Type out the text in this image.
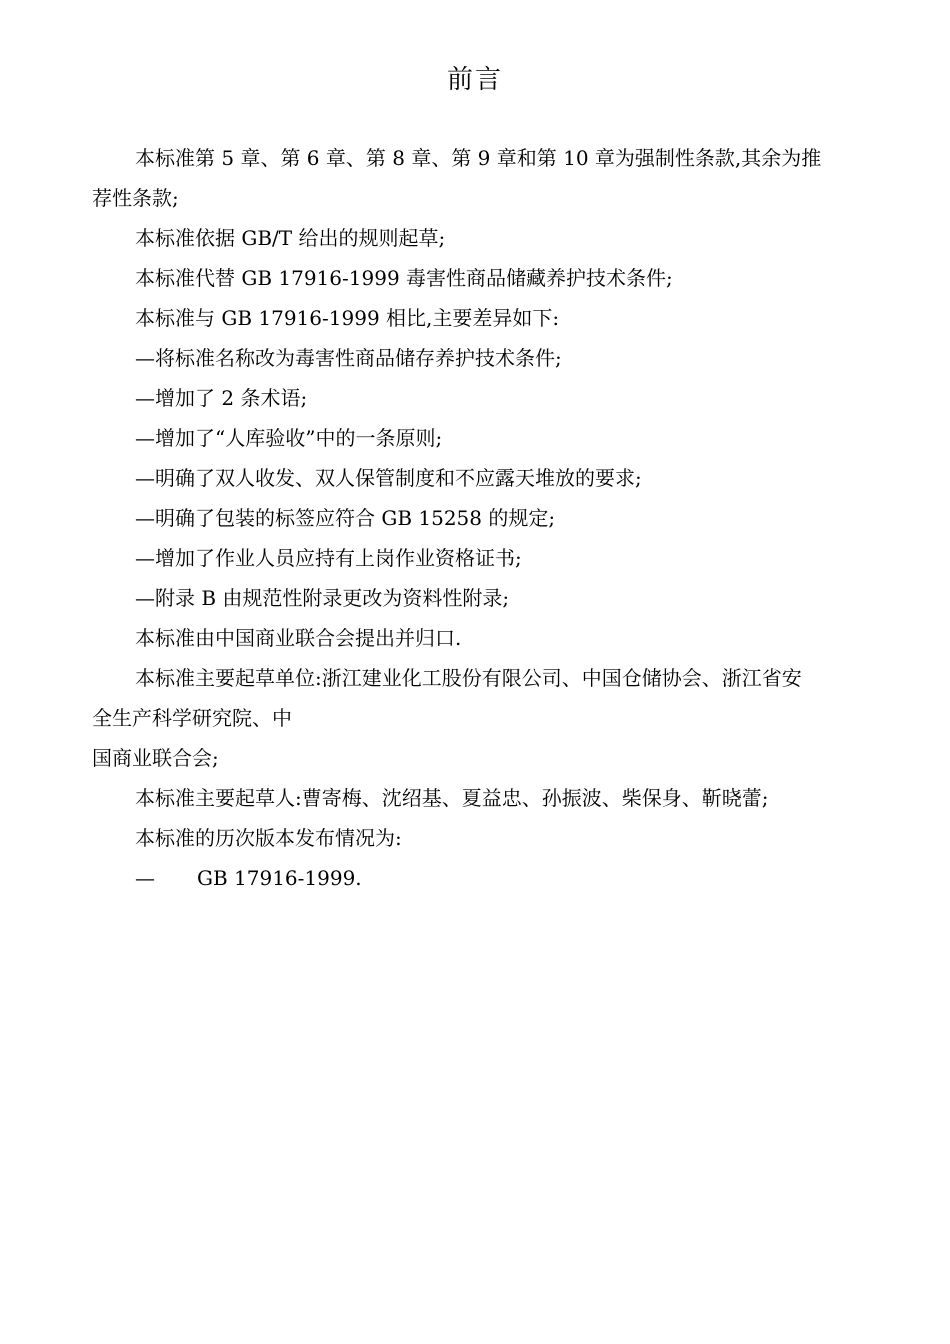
前言
本标准第 5 章、第 6 章、第 8 章、第 9 章和第 10 章为强制性条款,其余为推
荐性条款;
本标准依据 GB/T 给出的规则起草;
本标准代替 GB 17916-1999 毒害性商品储藏养护技术条件;
本标准与 GB 17916-1999 相比,主要差异如下:
—将标准名称改为毒害性商品储存养护技术条件;
—增加了 2 条术语;
—增加了“人库验收”中的一条原则;
—明确了双人收发、双人保管制度和不应露天堆放的要求;
—明确了包装的标签应符合 GB 15258 的规定;
—增加了作业人员应持有上岗作业资格证书;
—附录 B 由规范性附录更改为资料性附录;
本标准由中国商业联合会提出并归口.
本标准主要起草单位:浙江建业化工股份有限公司、中国仓储协会、浙江省安
全生产科学研究院、中
国商业联合会;
本标准主要起草人:曹寄梅、沈绍基、夏益忠、孙振波、柴保身、靳晓蕾;
本标准的历次版本发布情况为:
— GB 17916-1999.
